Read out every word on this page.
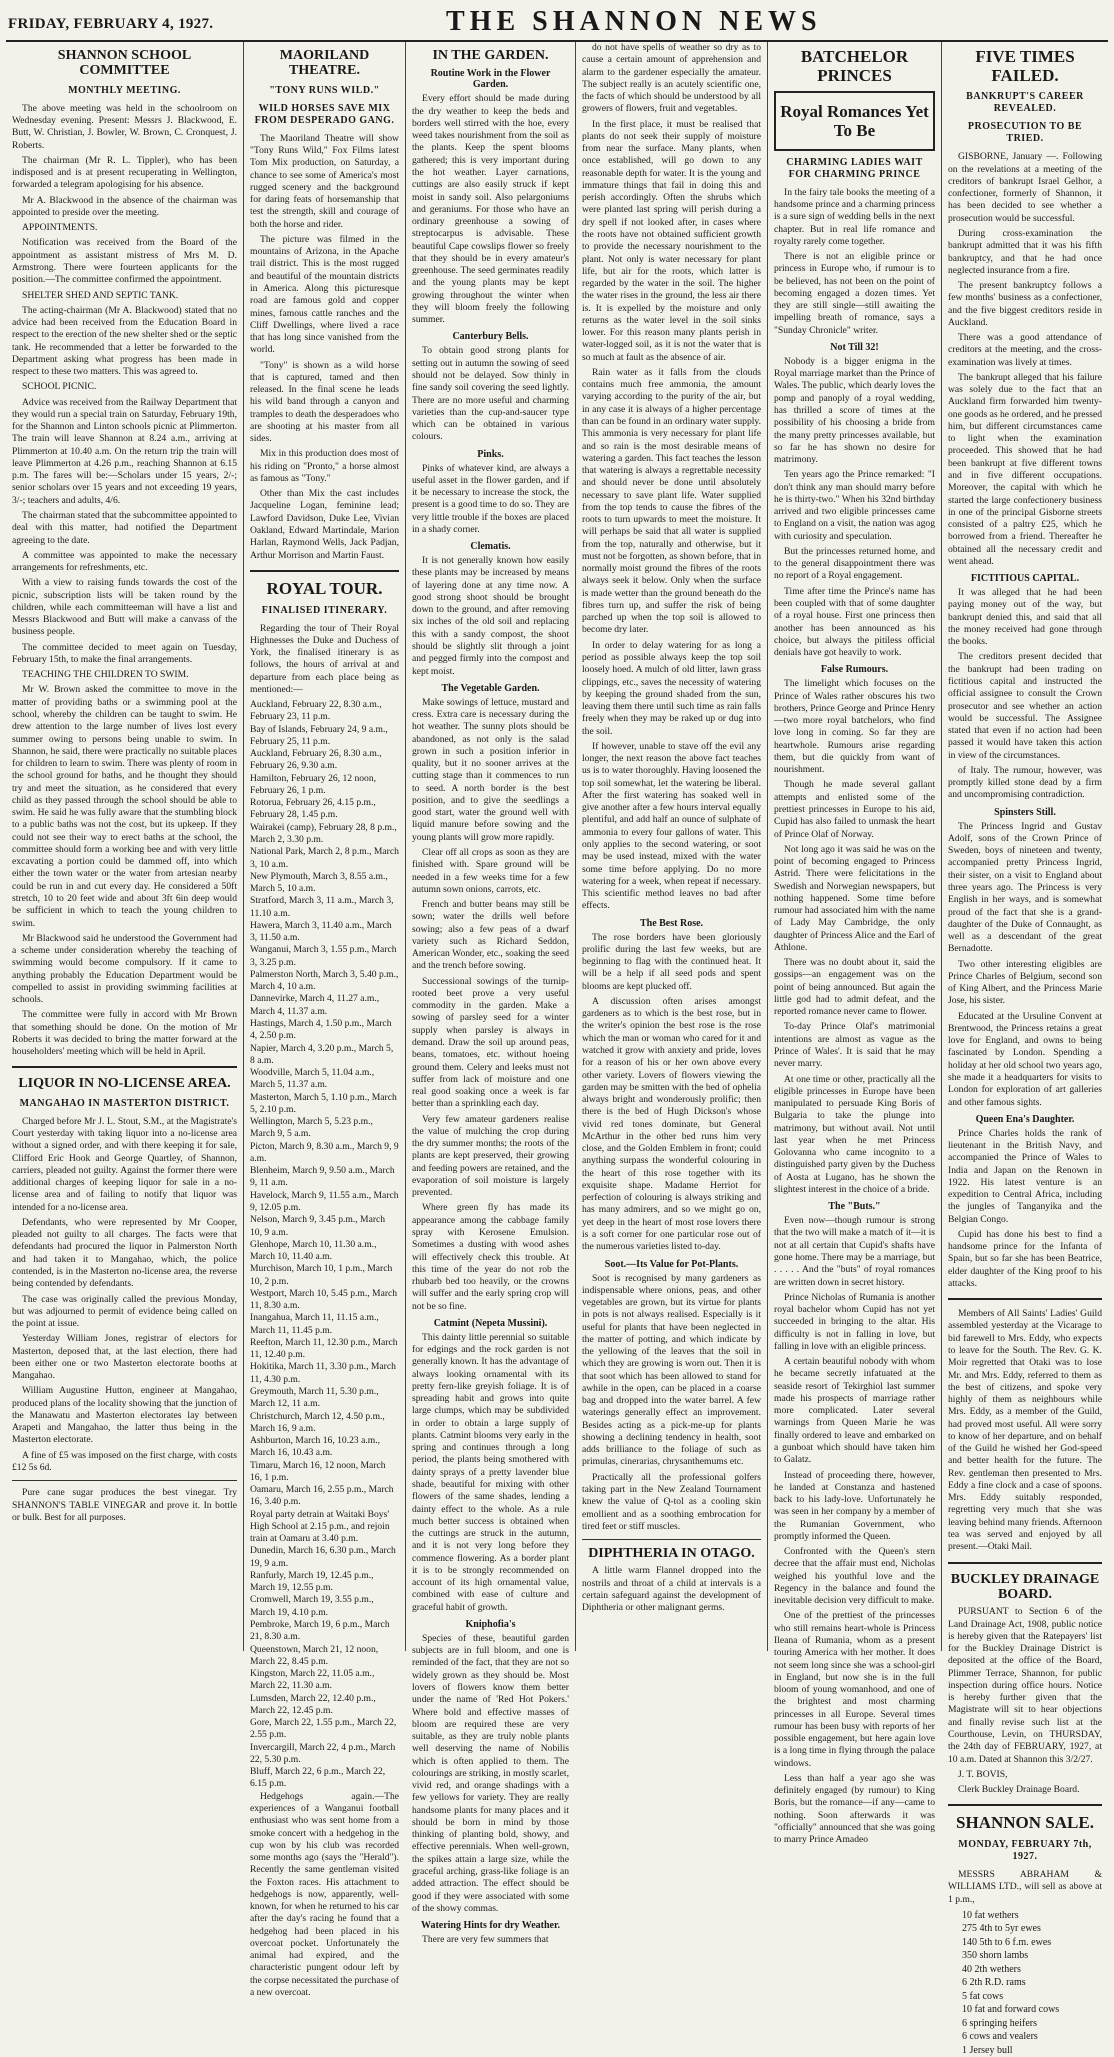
FRIDAY, FEBRUARY 4, 1927.	THE SHANNON NEWS
SHANNON SCHOOL COMMITTEE
MONTHLY MEETING.

The above meeting was held in the schoolroom on Wednesday evening. Present: Messrs J. Blackwood, E. Butt, W. Christian, J. Bowler, W. Brown, C. Cronquest, J. Roberts.

The chairman (Mr R. L. Tippler), who has been indisposed and is at present recuperating in Wellington, forwarded a telegram apologising for his absence.

Mr A. Blackwood in the absence of the chairman was appointed to preside over the meeting.

APPOINTMENTS.

Notification was received from the Board of the appointment as assistant mistress of Mrs M. D. Armstrong. There were fourteen applicants for the position.—The committee confirmed the appointment.

SHELTER SHED AND SEPTIC TANK.

The acting-chairman (Mr A. Blackwood) stated that no advice had been received from the Education Board in respect to the erection of the new shelter shed or the septic tank. He recommended that a letter be forwarded to the Department asking what progress has been made in respect to these two matters. This was agreed to.

SCHOOL PICNIC.

Advice was received from the Railway Department that they would run a special train on Saturday, February 19th, for the Shannon and Linton schools picnic at Plimmerton. The train will leave Shannon at 8.24 a.m., arriving at Plimmerton at 10.40 a.m. On the return trip the train will leave Plimmerton at 4.26 p.m., reaching Shannon at 6.15 p.m. The fares will be:—Scholars under 15 years, 2/-; senior scholars over 15 years and not exceeding 19 years, 3/-; teachers and adults, 4/6.

The chairman stated that the subcommittee appointed to deal with this matter, had notified the Department agreeing to the date.

A committee was appointed to make the necessary arrangements for refreshments, etc.

With a view to raising funds towards the cost of the picnic, subscription lists will be taken round by the children, while each committeeman will have a list and Messrs Blackwood and Butt will make a canvass of the business people.

The committee decided to meet again on Tuesday, February 15th, to make the final arrangements.

TEACHING THE CHILDREN TO SWIM.

Mr W. Brown asked the committee to move in the matter of providing baths or a swimming pool at the school, whereby the children can be taught to swim. He drew attention to the large number of lives lost every summer owing to persons being unable to swim. In Shannon, he said, there were practically no suitable places for children to learn to swim. There was plenty of room in the school ground for baths, and he thought they should try and meet the situation, as he considered that every child as they passed through the school should be able to swim. He said he was fully aware that the stumbling block to a public baths was not the cost, but its upkeep. If they could not see their way to erect baths at the school, the committee should form a working bee and with very little excavating a portion could be dammed off, into which either the town water or the water from artesian nearby could be run in and cut every day. He considered a 50ft stretch, 10 to 20 feet wide and about 3ft 6in deep would be sufficient in which to teach the young children to swim.

Mr Blackwood said he understood the Government had a scheme under consideration whereby the teaching of swimming would become compulsory. If it came to anything probably the Education Department would be compelled to assist in providing swimming facilities at schools.

The committee were fully in accord with Mr Brown that something should be done. On the motion of Mr Roberts it was decided to bring the matter forward at the householders' meeting which will be held in April.

LIQUOR IN NO-LICENSE AREA.
MANGAHAO IN MASTERTON DISTRICT.

Charged before Mr J. L. Stout, S.M., at the Magistrate's Court yesterday with taking liquor into a no-license area without a signed order, and with there keeping it for sale, Clifford Eric Hook and George Quartley, of Shannon, carriers, pleaded not guilty. Against the former there were additional charges of keeping liquor for sale in a no-license area and of failing to notify that liquor was intended for a no-license area.

Defendants, who were represented by Mr Cooper, pleaded not guilty to all charges. The facts were that defendants had procured the liquor in Palmerston North and had taken it to Mangahao, which, the police contended, is in the Masterton no-license area, the reverse being contended by defendants.

The case was originally called the previous Monday, but was adjourned to permit of evidence being called on the point at issue.

Yesterday William Jones, registrar of electors for Masterton, deposed that, at the last election, there had been either one or two Masterton electorate booths at Mangahao.

William Augustine Hutton, engineer at Mangahao, produced plans of the locality showing that the junction of the Manawatu and Masterton electorates lay between Arapeti and Mangahao, the latter thus being in the Masterton electorate.

A fine of £5 was imposed on the first charge, with costs £12 5s 6d.

Pure cane sugar produces the best vinegar. Try SHANNON'S TABLE VINEGAR and prove it. In bottle or bulk. Best for all purposes.

MAORILAND THEATRE.
"TONY RUNS WILD."
WILD HORSES SAVE MIX FROM DESPERADO GANG.

The Maoriland Theatre will show "Tony Runs Wild," Fox Films latest Tom Mix production, on Saturday, a chance to see some of America's most rugged scenery and the background for daring feats of horsemanship that test the strength, skill and courage of both the horse and rider.

The picture was filmed in the mountains of Arizona, in the Apache trail district. This is the most rugged and beautiful of the mountain districts in America. Along this picturesque road are famous gold and copper mines, famous cattle ranches and the Cliff Dwellings, where lived a race that has long since vanished from the world.

"Tony" is shown as a wild horse that is captured, tamed and then released. In the final scene he leads his wild band through a canyon and tramples to death the desperadoes who are shooting at his master from all sides.

Mix in this production does most of his riding on "Pronto," a horse almost as famous as "Tony."

Other than Mix the cast includes Jacqueline Logan, feminine lead; Lawford Davidson, Duke Lee, Vivian Oakland, Edward Martindale, Marion Harlan, Raymond Wells, Jack Padjan, Arthur Morrison and Martin Faust.

ROYAL TOUR.
FINALISED ITINERARY.

Regarding the tour of Their Royal Highnesses the Duke and Duchess of York, the finalised itinerary is as follows, the hours of arrival at and departure from each place being as mentioned:—

Auckland, February 22, 8.30 a.m., February 23, 11 p.m.
Bay of Islands, February 24, 9 a.m., February 25, 11 p.m.
Auckland, February 26, 8.30 a.m., February 26, 9.30 a.m.
Hamilton, February 26, 12 noon, February 26, 1 p.m.
Rotorua, February 26, 4.15 p.m., February 28, 1.45 p.m.
Wairakei (camp), February 28, 8 p.m., March 2, 3.30 p.m.
National Park, March 2, 8 p.m., March 3, 10 a.m.
New Plymouth, March 3, 8.55 a.m., March 5, 10 a.m.
Stratford, March 3, 11 a.m., March 3, 11.10 a.m.
Hawera, March 3, 11.40 a.m., March 3, 11.50 a.m.
Wanganui, March 3, 1.55 p.m., March 3, 3.25 p.m.
Palmerston North, March 3, 5.40 p.m., March 4, 10 a.m.
Dannevirke, March 4, 11.27 a.m., March 4, 11.37 a.m.
Hastings, March 4, 1.50 p.m., March 4, 2.50 p.m.
Napier, March 4, 3.20 p.m., March 5, 8 a.m.
Woodville, March 5, 11.04 a.m., March 5, 11.37 a.m.
Masterton, March 5, 1.10 p.m., March 5, 2.10 p.m.
Wellington, March 5, 5.23 p.m., March 9, 5 a.m.
Picton, March 9, 8.30 a.m., March 9, 9 a.m.
Blenheim, March 9, 9.50 a.m., March 9, 11 a.m.
Havelock, March 9, 11.55 a.m., March 9, 12.05 p.m.
Nelson, March 9, 3.45 p.m., March 10, 9 a.m.
Glenhope, March 10, 11.30 a.m., March 10, 11.40 a.m.
Murchison, March 10, 1 p.m., March 10, 2 p.m.
Westport, March 10, 5.45 p.m., March 11, 8.30 a.m.
Inangahua, March 11, 11.15 a.m., March 11, 11.45 p.m.
Reefton, March 11, 12.30 p.m., March 11, 12.40 p.m.
Hokitika, March 11, 3.30 p.m., March 11, 4.30 p.m.
Greymouth, March 11, 5.30 p.m., March 12, 11 a.m.
Christchurch, March 12, 4.50 p.m., March 16, 9 a.m.
Ashburton, March 16, 10.23 a.m., March 16, 10.43 a.m.
Timaru, March 16, 12 noon, March 16, 1 p.m.
Oamaru, March 16, 2.55 p.m., March 16, 3.40 p.m.
Royal party detrain at Waitaki Boys' High School at 2.15 p.m., and rejoin train at Oamaru at 3.40 p.m.
Dunedin, March 16, 6.30 p.m., March 19, 9 a.m.
Ranfurly, March 19, 12.45 p.m., March 19, 12.55 p.m.
Cromwell, March 19, 3.55 p.m., March 19, 4.10 p.m.
Pembroke, March 19, 6 p.m., March 21, 8.30 a.m.
Queenstown, March 21, 12 noon, March 22, 8.45 p.m.
Kingston, March 22, 11.05 a.m., March 22, 11.30 a.m.
Lumsden, March 22, 12.40 p.m., March 22, 12.45 p.m.
Gore, March 22, 1.55 p.m., March 22, 2.55 p.m.
Invercargill, March 22, 4 p.m., March 22, 5.30 p.m.
Bluff, March 22, 6 p.m., March 22, 6.15 p.m.

Hedgehogs again.—The experiences of a Wanganui football enthusiast who was sent home from a smoke concert with a hedgehog in the cup won by his club was recorded some months ago (says the "Herald"). Recently the same gentleman visited the Foxton races. His attachment to hedgehogs is now, apparently, well-known, for when he returned to his car after the day's racing he found that a hedgehog had been placed in his overcoat pocket. Unfortunately the animal had expired, and the characteristic pungent odour left by the corpse necessitated the purchase of a new overcoat.

IN THE GARDEN.
Routine Work in the Flower Garden.

Every effort should be made during the dry weather to keep the beds and borders well stirred with the hoe, every weed takes nourishment from the soil as the plants. Keep the spent blooms gathered; this is very important during the hot weather. Layer carnations, cuttings are also easily struck if kept moist in sandy soil. Also pelargoniums and geraniums. For those who have an ordinary greenhouse a sowing of streptocarpus is advisable. These beautiful Cape cowslips flower so freely that they should be in every amateur's greenhouse. The seed germinates readily and the young plants may be kept growing throughout the winter when they will bloom freely the following summer.

Canterbury Bells.

To obtain good strong plants for setting out in autumn the sowing of seed should not be delayed. Sow thinly in fine sandy soil covering the seed lightly. There are no more useful and charming varieties than the cup-and-saucer type which can be obtained in various colours.

Pinks.

Pinks of whatever kind, are always a useful asset in the flower garden, and if it be necessary to increase the stock, the present is a good time to do so. They are very little trouble if the boxes are placed in a shady corner.

Clematis.

It is not generally known how easily these plants may be increased by means of layering done at any time now. A good strong shoot should be brought down to the ground, and after removing six inches of the old soil and replacing this with a sandy compost, the shoot should be slightly slit through a joint and pegged firmly into the compost and kept moist.

The Vegetable Garden.

Make sowings of lettuce, mustard and cress. Extra care is necessary during the hot weather. The sunny plots should be abandoned, as not only is the salad grown in such a position inferior in quality, but it no sooner arrives at the cutting stage than it commences to run to seed. A north border is the best position, and to give the seedlings a good start, water the ground well with liquid manure before sowing and the young plants will grow more rapidly.

Clear off all crops as soon as they are finished with. Spare ground will be needed in a few weeks time for a few autumn sown onions, carrots, etc.

French and butter beans may still be sown; water the drills well before sowing; also a few peas of a dwarf variety such as Richard Seddon, American Wonder, etc., soaking the seed and the trench before sowing.

Successional sowings of the turnip-rooted beet prove a very useful commodity in the garden. Make a sowing of parsley seed for a winter supply when parsley is always in demand. Draw the soil up around peas, beans, tomatoes, etc. without hoeing ground them. Celery and leeks must not suffer from lack of moisture and one real good soaking once a week is far better than a sprinkling each day.

Very few amateur gardeners realise the value of mulching the crop during the dry summer months; the roots of the plants are kept preserved, their growing and feeding powers are retained, and the evaporation of soil moisture is largely prevented.

Where green fly has made its appearance among the cabbage family spray with Kerosene Emulsion. Sometimes a dusting with wood ashes will effectively check this trouble. At this time of the year do not rob the rhubarb bed too heavily, or the crowns will suffer and the early spring crop will not be so fine.

Catmint (Nepeta Mussini).

This dainty little perennial so suitable for edgings and the rock garden is not generally known. It has the advantage of always looking ornamental with its pretty fern-like greyish foliage. It is of spreading habit and grows into quite large clumps, which may be subdivided in order to obtain a large supply of plants. Catmint blooms very early in the spring and continues through a long period, the plants being smothered with dainty sprays of a pretty lavender blue shade, beautiful for mixing with other flowers of the same shades, lending a dainty effect to the whole. As a rule much better success is obtained when the cuttings are struck in the autumn, and it is not very long before they commence flowering. As a border plant it is to be strongly recommended on account of its high ornamental value, combined with ease of culture and graceful habit of growth.

Kniphofia's

Species of these, beautiful garden subjects are in full bloom, and one is reminded of the fact, that they are not so widely grown as they should be. Most lovers of flowers know them better under the name of 'Red Hot Pokers.' Where bold and effective masses of bloom are required these are very suitable, as they are truly noble plants well deserving the name of Nobilis which is often applied to them. The colourings are striking, in mostly scarlet, vivid red, and orange shadings with a few yellows for variety. They are really handsome plants for many places and it should be born in mind by those thinking of planting bold, showy, and effective perennials. When well-grown, the spikes attain a large size, while the graceful arching, grass-like foliage is an added attraction. The effect should be good if they were associated with some of the showy commas.

Watering Hints for dry Weather.

There are very few summers that

do not have spells of weather so dry as to cause a certain amount of apprehension and alarm to the gardener especially the amateur. The subject really is an acutely scientific one, the facts of which should be understood by all growers of flowers, fruit and vegetables.

In the first place, it must be realised that plants do not seek their supply of moisture from near the surface. Many plants, when once established, will go down to any reasonable depth for water. It is the young and immature things that fail in doing this and perish accordingly. Often the shrubs which were planted last spring will perish during a dry spell if not looked after, in cases where the roots have not obtained sufficient growth to provide the necessary nourishment to the plant. Not only is water necessary for plant life, but air for the roots, which latter is regarded by the water in the soil. The higher the water rises in the ground, the less air there is. It is expelled by the moisture and only returns as the water level in the soil sinks lower. For this reason many plants perish in water-logged soil, as it is not the water that is so much at fault as the absence of air.

Rain water as it falls from the clouds contains much free ammonia, the amount varying according to the purity of the air, but in any case it is always of a higher percentage than can be found in an ordinary water supply. This ammonia is very necessary for plant life and so rain is the most desirable means of watering a garden. This fact teaches the lesson that watering is always a regrettable necessity and should never be done until absolutely necessary to save plant life. Water supplied from the top tends to cause the fibres of the roots to turn upwards to meet the moisture. It will perhaps be said that all water is supplied from the top, naturally and otherwise, but it must not be forgotten, as shown before, that in normally moist ground the fibres of the roots always seek it below. Only when the surface is made wetter than the ground beneath do the fibres turn up, and suffer the risk of being parched up when the top soil is allowed to become dry later.

In order to delay watering for as long a period as possible always keep the top soil loosely hoed. A mulch of old litter, lawn grass clippings, etc., saves the necessity of watering by keeping the ground shaded from the sun, leaving them there until such time as rain falls freely when they may be raked up or dug into the soil.

If however, unable to stave off the evil any longer, the next reason the above fact teaches us is to water thoroughly. Having loosened the top soil somewhat, let the watering be liberal. After the first watering has soaked well in give another after a few hours interval equally plentiful, and add half an ounce of sulphate of ammonia to every four gallons of water. This only applies to the second watering, or soot may be used instead, mixed with the water some time before applying. Do no more watering for a week, when repeat if necessary. This scientific method leaves no bad after effects.

The Best Rose.

The rose borders have been gloriously prolific during the last few weeks, but are beginning to flag with the continued heat. It will be a help if all seed pods and spent blooms are kept plucked off.

A discussion often arises amongst gardeners as to which is the best rose, but in the writer's opinion the best rose is the rose which the man or woman who cared for it and watched it grow with anxiety and pride, loves for a reason of his or her own above every other variety. Lovers of flowers viewing the garden may be smitten with the bed of ophelia always bright and wonderously prolific; then there is the bed of Hugh Dickson's whose vivid red tones dominate, but General McArthur in the other bed runs him very close, and the Golden Emblem in front; could anything surpass the wonderful colouring in the heart of this rose together with its exquisite shape. Madame Herriot for perfection of colouring is always striking and has many admirers, and so we might go on, yet deep in the heart of most rose lovers there is a soft corner for one particular rose out of the numerous varieties listed to-day.

Soot.—Its Value for Pot-Plants.

Soot is recognised by many gardeners as indispensable where onions, peas, and other vegetables are grown, but its virtue for plants in pots is not always realised. Especially is it useful for plants that have been neglected in the matter of potting, and which indicate by the yellowing of the leaves that the soil in which they are growing is worn out. Then it is that soot which has been allowed to stand for awhile in the open, can be placed in a coarse bag and dropped into the water barrel. A few waterings generally effect an improvement. Besides acting as a pick-me-up for plants showing a declining tendency in health, soot adds brilliance to the foliage of such as primulas, cinerarias, chrysanthemums etc.

Practically all the professional golfers taking part in the New Zealand Tournament knew the value of Q-tol as a cooling skin emollient and as a soothing embrocation for tired feet or stiff muscles.

DIPHTHERIA IN OTAGO.

A little warm Flannel dropped into the nostrils and throat of a child at intervals is a certain safeguard against the development of Diphtheria or other malignant germs.

BATCHELOR PRINCES
Royal Romances Yet To Be
CHARMING LADIES WAIT FOR CHARMING PRINCE

In the fairy tale books the meeting of a handsome prince and a charming princess is a sure sign of wedding bells in the next chapter. But in real life romance and royalty rarely come together.

There is not an eligible prince or princess in Europe who, if rumour is to be believed, has not been on the point of becoming engaged a dozen times. Yet they are still single—still awaiting the impelling breath of romance, says a "Sunday Chronicle" writer.

Not Till 32!

Nobody is a bigger enigma in the Royal marriage market than the Prince of Wales. The public, which dearly loves the pomp and panoply of a royal wedding, has thrilled a score of times at the possibility of his choosing a bride from the many pretty princesses available, but so far he has shown no desire for matrimony.

Ten years ago the Prince remarked: "I don't think any man should marry before he is thirty-two." When his 32nd birthday arrived and two eligible princesses came to England on a visit, the nation was agog with curiosity and speculation.

But the princesses returned home, and to the general disappointment there was no report of a Royal engagement.

Time after time the Prince's name has been coupled with that of some daughter of a royal house. First one princess then another has been announced as his choice, but always the pitiless official denials have got heavily to work.

False Rumours.

The limelight which focuses on the Prince of Wales rather obscures his two brothers, Prince George and Prince Henry—two more royal batchelors, who find love long in coming. So far they are heartwhole. Rumours arise regarding them, but die quickly from want of nourishment.

Though he made several gallant attempts and enlisted some of the prettiest princesses in Europe to his aid, Cupid has also failed to unmask the heart of Prince Olaf of Norway.

Not long ago it was said he was on the point of becoming engaged to Princess Astrid. There were felicitations in the Swedish and Norwegian newspapers, but nothing happened. Some time before rumour had associated him with the name of Lady May Cambridge, the only daughter of Princess Alice and the Earl of Athlone.

There was no doubt about it, said the gossips—an engagement was on the point of being announced. But again the little god had to admit defeat, and the reported romance never came to flower.

To-day Prince Olaf's matrimonial intentions are almost as vague as the Prince of Wales'. It is said that he may never marry.

At one time or other, practically all the eligible princesses in Europe have been manipulated to persuade King Boris of Bulgaria to take the plunge into matrimony, but without avail. Not until last year when he met Princess Golovanna who came incognito to a distinguished party given by the Duchess of Aosta at Lugano, has he shown the slightest interest in the choice of a bride.

The "Buts."

Even now—though rumour is strong that the two will make a match of it—it is not at all certain that Cupid's shafts have gone home. There may be a marriage, but . . . . . And the "buts" of royal romances are written down in secret history.

Prince Nicholas of Rumania is another royal bachelor whom Cupid has not yet succeeded in bringing to the altar. His difficulty is not in falling in love, but falling in love with an eligible princess.

A certain beautiful nobody with whom he became secretly infatuated at the seaside resort of Tekirghiol last summer made his prospects of marriage rather more complicated. Later several warnings from Queen Marie he was finally ordered to leave and embarked on a gunboat which should have taken him to Galatz.

Instead of proceeding there, however, he landed at Constanza and hastened back to his lady-love. Unfortunately he was seen in her company by a member of the Rumanian Government, who promptly informed the Queen.

Confronted with the Queen's stern decree that the affair must end, Nicholas weighed his youthful love and the Regency in the balance and found the inevitable decision very difficult to make.

One of the prettiest of the princesses who still remains heart-whole is Princess Ileana of Rumania, whom as a present touring America with her mother. It does not seem long since she was a school-girl in England, but now she is in the full bloom of young womanhood, and one of the brightest and most charming princesses in all Europe. Several times rumour has been busy with reports of her possible engagement, but here again love is a long time in flying through the palace windows.

Less than half a year ago she was definitely engaged (by rumour) to King Boris, but the romance—if any—came to nothing. Soon afterwards it was "officially" announced that she was going to marry Prince Amadeo

FIVE TIMES FAILED.
BANKRUPT'S CAREER REVEALED.
PROSECUTION TO BE TRIED.

GISBORNE, January —. Following on the revelations at a meeting of the creditors of bankrupt Israel Gelhor, a confectioner, formerly of Shannon, it has been decided to see whether a prosecution would be successful.

During cross-examination the bankrupt admitted that it was his fifth bankruptcy, and that he had once neglected insurance from a fire.

The present bankruptcy follows a few months' business as a confectioner, and the five biggest creditors reside in Auckland.

There was a good attendance of creditors at the meeting, and the cross-examination was lively at times.

The bankrupt alleged that his failure was solely due to the fact that an Auckland firm forwarded him twenty-one goods as he ordered, and he pressed him, but different circumstances came to light when the examination proceeded. This showed that he had been bankrupt at five different towns and in five different occupations. Moreover, the capital with which he started the large confectionery business in one of the principal Gisborne streets consisted of a paltry £25, which he borrowed from a friend. Thereafter he obtained all the necessary credit and went ahead.

FICTITIOUS CAPITAL.

It was alleged that he had been paying money out of the way, but bankrupt denied this, and said that all the money received had gone through the books.

The creditors present decided that the bankrupt had been trading on fictitious capital and instructed the official assignee to consult the Crown prosecutor and see whether an action would be successful. The Assignee stated that even if no action had been passed it would have taken this action in view of the circumstances.

of Italy. The rumour, however, was promptly killed stone dead by a firm and uncompromising contradiction.

Spinsters Still.

The Princess Ingrid and Gustav Adolf, sons of the Crown Prince of Sweden, boys of nineteen and twenty, accompanied pretty Princess Ingrid, their sister, on a visit to England about three years ago. The Princess is very English in her ways, and is somewhat proud of the fact that she is a grand-daughter of the Duke of Connaught, as well as a descendant of the great Bernadotte.

Two other interesting eligibles are Prince Charles of Belgium, second son of King Albert, and the Princess Marie Jose, his sister.

Educated at the Ursuline Convent at Brentwood, the Princess retains a great love for England, and owns to being fascinated by London. Spending a holiday at her old school two years ago, she made it a headquarters for visits to London for exploration of art galleries and other famous sights.

Queen Ena's Daughter.

Prince Charles holds the rank of lieutenant in the British Navy, and accompanied the Prince of Wales to India and Japan on the Renown in 1922. His latest venture is an expedition to Central Africa, including the jungles of Tanganyika and the Belgian Congo.

Cupid has done his best to find a handsome prince for the Infanta of Spain, but so far she has been Beatrice, elder daughter of the King proof to his attacks.

Members of All Saints' Ladies' Guild assembled yesterday at the Vicarage to bid farewell to Mrs. Eddy, who expects to leave for the South. The Rev. G. K. Moir regretted that Otaki was to lose Mr. and Mrs. Eddy, referred to them as the best of citizens, and spoke very highly of them as neighbours while Mrs. Eddy, as a member of the Guild, had proved most useful. All were sorry to know of her departure, and on behalf of the Guild he wished her God-speed and better health for the future. The Rev. gentleman then presented to Mrs. Eddy a fine clock and a case of spoons. Mrs. Eddy suitably responded, regretting very much that she was leaving behind many friends. Afternoon tea was served and enjoyed by all present.—Otaki Mail.

BUCKLEY DRAINAGE BOARD.

PURSUANT to Section 6 of the Land Drainage Act, 1908, public notice is hereby given that the Ratepayers' list for the Buckley Drainage District is deposited at the office of the Board, Plimmer Terrace, Shannon, for public inspection during office hours. Notice is hereby further given that the Magistrate will sit to hear objections and finally revise such list at the Courthouse, Levin, on THURSDAY, the 24th day of FEBRUARY, 1927, at 10 a.m. Dated at Shannon this 3/2/27.

J. T. BOVIS,

Clerk Buckley Drainage Board.

SHANNON SALE.
MONDAY, FEBRUARY 7th, 1927.

MESSRS ABRAHAM & WILLIAMS LTD., will sell as above at 1 p.m.,

10 fat wethers
275 4th to 5yr ewes
140 5th to 6 f.m. ewes
350 shorn lambs
40 2th wethers
6 2th R.D. rams
5 fat cows
10 fat and forward cows
6 springing heifers
6 cows and vealers
1 Jersey bull
